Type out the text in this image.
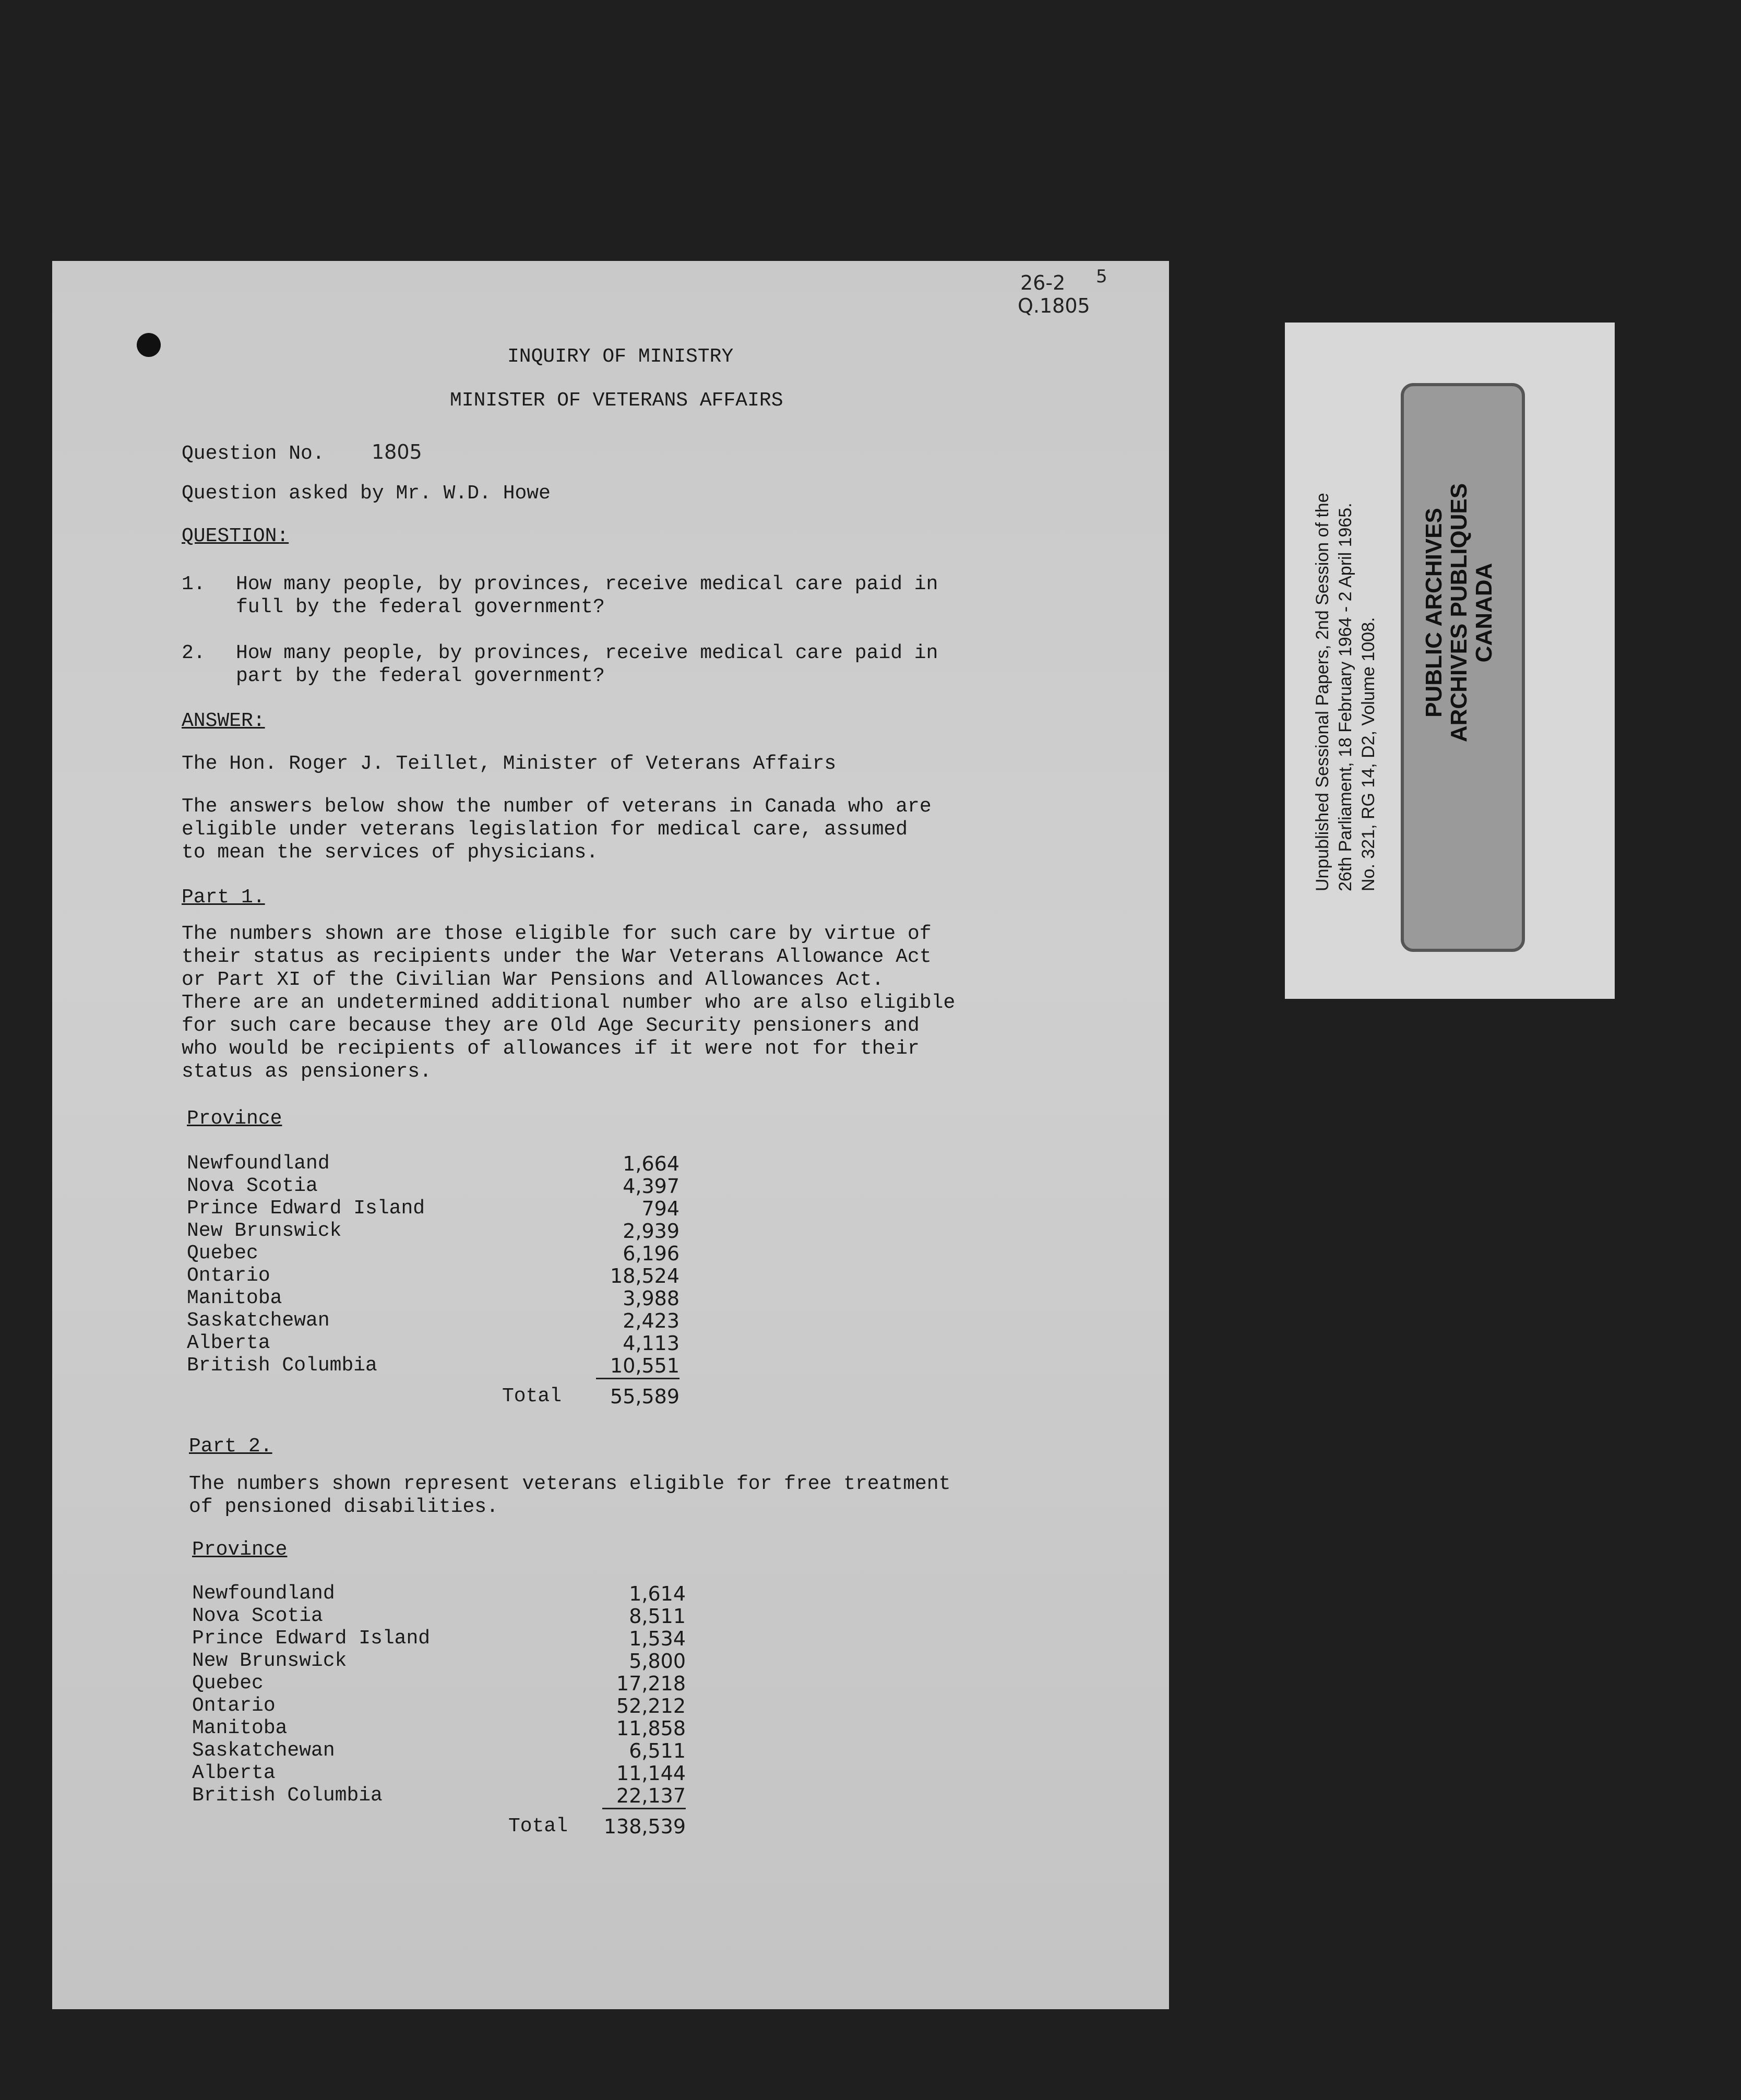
26-2 5
Q.1805
INQUIRY OF MINISTRY
MINISTER OF VETERANS AFFAIRS
Question No. 1805
Question asked by Mr. W.D. Howe
QUESTION:
1. How many people, by provinces, receive medical care paid in
full by the federal government?
2. How many people, by provinces, receive medical care paid in
part by the federal government?
ANSWER:
The Hon. Roger J. Teillet, Minister of Veterans Affairs
The answers below show the number of veterans in Canada who are
eligible under veterans legislation for medical care, assumed
to mean the services of physicians.
Part 1.
The numbers shown are those eligible for such care by virtue of
their status as recipients under the War Veterans Allowance Act
or Part XI of the Civilian War Pensions and Allowances Act.
There are an undetermined additional number who are also eligible
for such care because they are Old Age Security pensioners and
who would be recipients of allowances if it were not for their
status as pensioners.
Province
Newfoundland	1,664
Nova Scotia	4,397
Prince Edward Island	794
New Brunswick	2,939
Quebec	6,196
Ontario	18,524
Manitoba	3,988
Saskatchewan	2,423
Alberta	4,113
British Columbia	10,551
Total 55,589
Part 2.
The numbers shown represent veterans eligible for free treatment
of pensioned disabilities.
Province
Newfoundland	1,614
Nova Scotia	8,511
Prince Edward Island	1,534
New Brunswick	5,800
Quebec	17,218
Ontario	52,212
Manitoba	11,858
Saskatchewan	6,511
Alberta	11,144
British Columbia	22,137
Total 138,539
Unpublished Sessional Papers, 2nd Session of the 26th Parliament, 18 February 1964 - 2 April 1965. No. 321, RG 14, D2, Volume 1008.
PUBLIC ARCHIVES ARCHIVES PUBLIQUES CANADA
